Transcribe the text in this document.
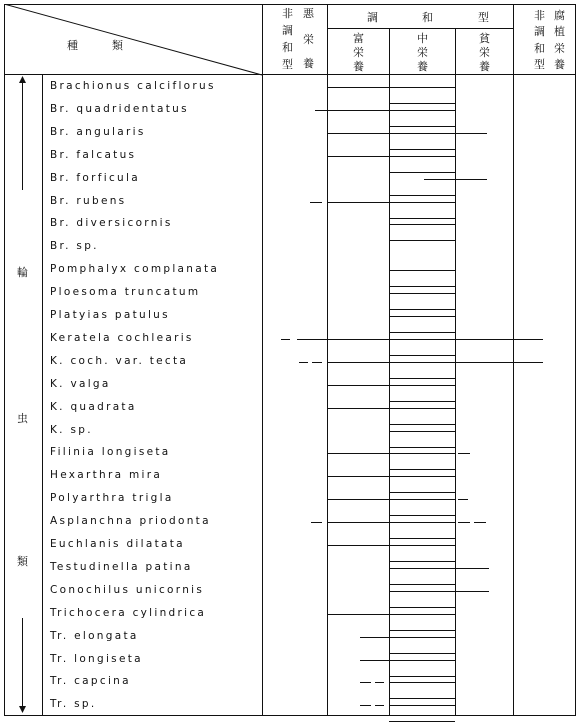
種　　類
非 悪
調
栄
和
養
型
調	和	型
富
栄
養
中
栄
養
貧
栄
養
非 腐
調 植
和 栄
型 養
輪
虫
類
Brachionus calciflorus
Br. quadridentatus
Br. angularis
Br. falcatus
Br. forficula
Br. rubens
Br. diversicornis
Br. sp.
Pomphalyx complanata
Ploesoma truncatum
Platyias patulus
Keratela cochlearis
K. coch. var. tecta
K. valga
K. quadrata
K. sp.
Filinia longiseta
Hexarthra mira
Polyarthra trigla
Asplanchna priodonta
Euchlanis dilatata
Testudinella patina
Conochilus unicornis
Trichocera cylindrica
Tr. elongata
Tr. longiseta
Tr. capcina
Tr. sp.
